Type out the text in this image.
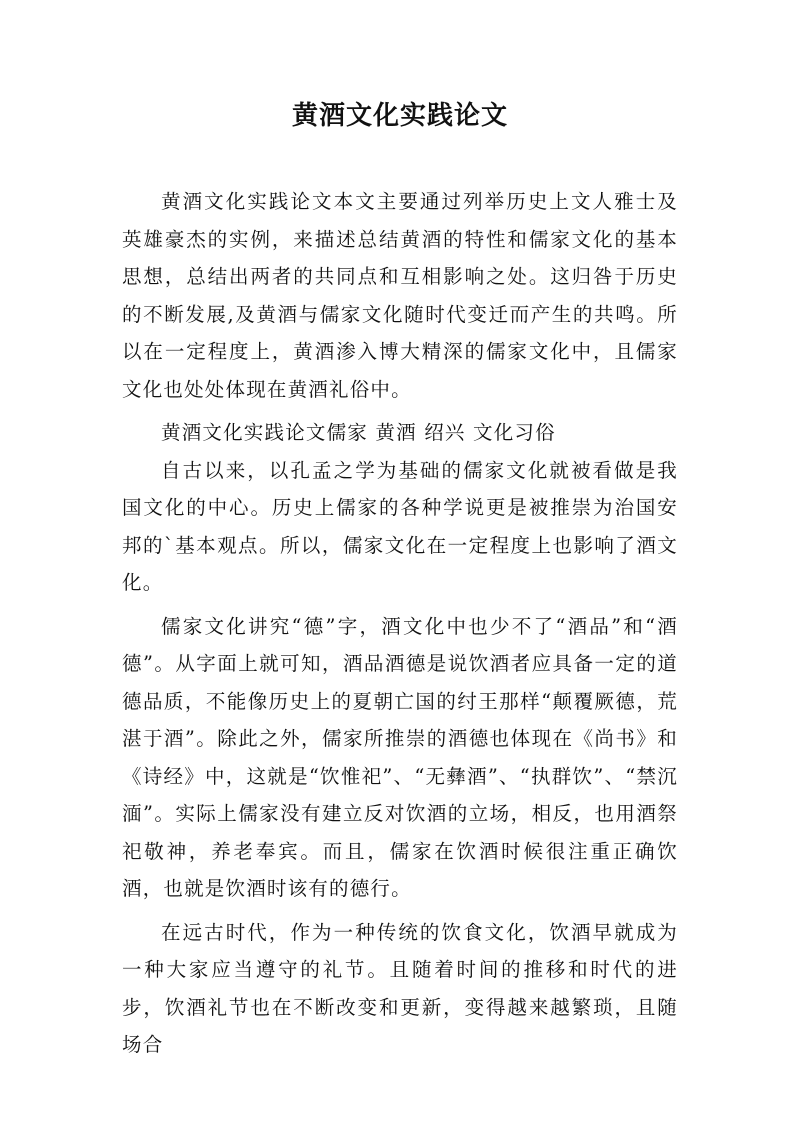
黄酒文化实践论文

黄酒文化实践论文本文主要通过列举历史上文人雅士及英雄豪杰的实例，来描述总结黄酒的特性和儒家文化的基本思想，总结出两者的共同点和互相影响之处。这归咎于历史的不断发展,及黄酒与儒家文化随时代变迁而产生的共鸣。所以在一定程度上，黄酒渗入博大精深的儒家文化中，且儒家文化也处处体现在黄酒礼俗中。

黄酒文化实践论文儒家 黄酒 绍兴 文化习俗

自古以来，以孔孟之学为基础的儒家文化就被看做是我国文化的中心。历史上儒家的各种学说更是被推崇为治国安邦的`基本观点。所以，儒家文化在一定程度上也影响了酒文化。

儒家文化讲究“德”字，酒文化中也少不了“酒品”和“酒德”。从字面上就可知，酒品酒德是说饮酒者应具备一定的道德品质，不能像历史上的夏朝亡国的纣王那样“颠覆厥德，荒湛于酒”。除此之外，儒家所推崇的酒德也体现在《尚书》和《诗经》中，这就是“饮惟祀”、“无彝酒”、“执群饮”、“禁沉湎”。实际上儒家没有建立反对饮酒的立场，相反，也用酒祭祀敬神，养老奉宾。而且，儒家在饮酒时候很注重正确饮酒，也就是饮酒时该有的德行。

在远古时代，作为一种传统的饮食文化，饮酒早就成为一种大家应当遵守的礼节。且随着时间的推移和时代的进步，饮酒礼节也在不断改变和更新，变得越来越繁琐，且随场合
